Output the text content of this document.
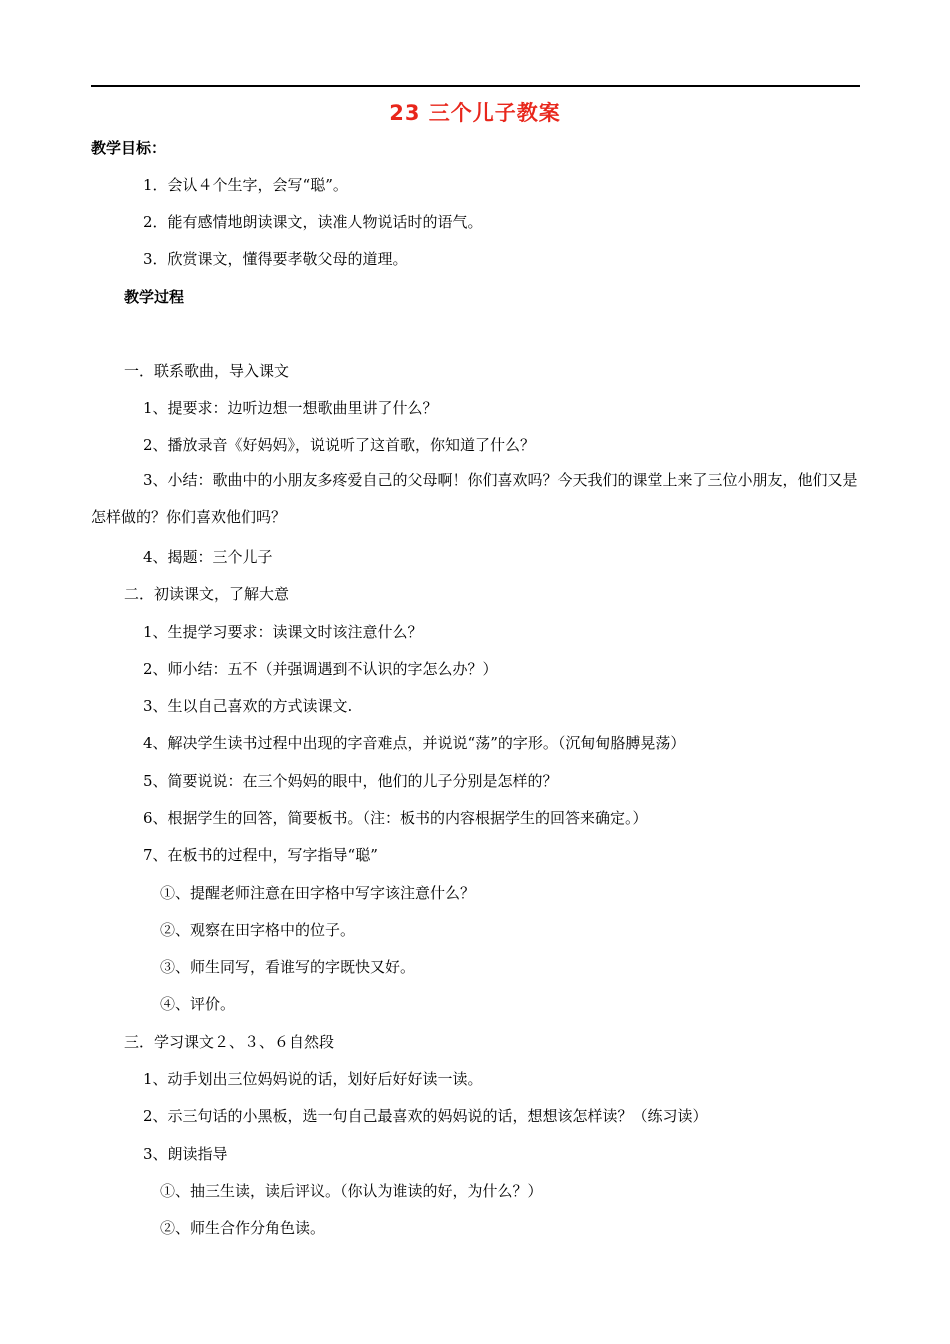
23 三个儿子教案
教学目标：
1．会认４个生字，会写“聪”。
2．能有感情地朗读课文，读准人物说话时的语气。
3．欣赏课文，懂得要孝敬父母的道理。
教学过程
一．联系歌曲，导入课文
1、提要求：边听边想一想歌曲里讲了什么？
2、播放录音《好妈妈》，说说听了这首歌，你知道了什么？
3、小结：歌曲中的小朋友多疼爱自己的父母啊！你们喜欢吗？今天我们的课堂上来了三位小朋友，他们又是怎样做的？你们喜欢他们吗？
4、揭题：三个儿子
二．初读课文，了解大意
1、生提学习要求：读课文时该注意什么？
2、师小结：五不（并强调遇到不认识的字怎么办？）
3、生以自己喜欢的方式读课文.
4、解决学生读书过程中出现的字音难点，并说说“荡”的字形。（沉甸甸胳膊晃荡）
5、简要说说：在三个妈妈的眼中，他们的儿子分别是怎样的？
6、根据学生的回答，简要板书。（注：板书的内容根据学生的回答来确定。）
7、在板书的过程中，写字指导“聪”
①、提醒老师注意在田字格中写字该注意什么？
②、观察在田字格中的位子。
③、师生同写，看谁写的字既快又好。
④、评价。
三．学习课文２、３、６自然段
1、动手划出三位妈妈说的话，划好后好好读一读。
2、示三句话的小黑板，选一句自己最喜欢的妈妈说的话，想想该怎样读？（练习读）
3、朗读指导
①、抽三生读，读后评议。（你认为谁读的好，为什么？）
②、师生合作分角色读。
